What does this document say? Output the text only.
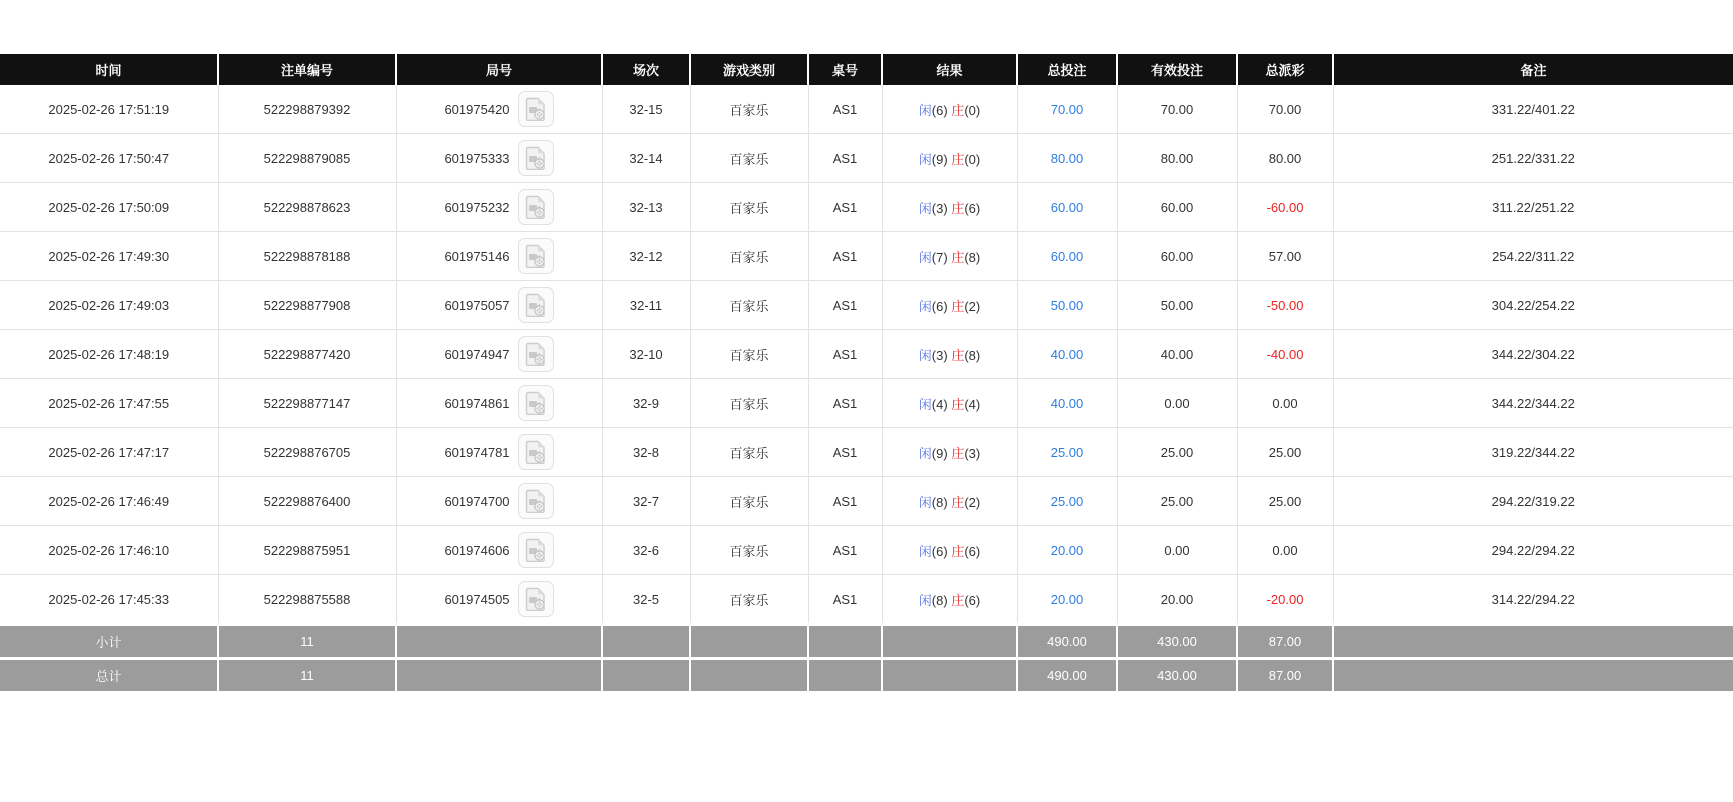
时间	注单编号	局号	场次	游戏类别	桌号	结果	总投注	有效投注	总派彩	备注
2025-02-26 17:51:19	522298879392	601975420	32-15	百家乐	AS1	闲(6) 庄(0)	70.00	70.00	70.00	331.22/401.22
2025-02-26 17:50:47	522298879085	601975333	32-14	百家乐	AS1	闲(9) 庄(0)	80.00	80.00	80.00	251.22/331.22
2025-02-26 17:50:09	522298878623	601975232	32-13	百家乐	AS1	闲(3) 庄(6)	60.00	60.00	-60.00	311.22/251.22
2025-02-26 17:49:30	522298878188	601975146	32-12	百家乐	AS1	闲(7) 庄(8)	60.00	60.00	57.00	254.22/311.22
2025-02-26 17:49:03	522298877908	601975057	32-11	百家乐	AS1	闲(6) 庄(2)	50.00	50.00	-50.00	304.22/254.22
2025-02-26 17:48:19	522298877420	601974947	32-10	百家乐	AS1	闲(3) 庄(8)	40.00	40.00	-40.00	344.22/304.22
2025-02-26 17:47:55	522298877147	601974861	32-9	百家乐	AS1	闲(4) 庄(4)	40.00	0.00	0.00	344.22/344.22
2025-02-26 17:47:17	522298876705	601974781	32-8	百家乐	AS1	闲(9) 庄(3)	25.00	25.00	25.00	319.22/344.22
2025-02-26 17:46:49	522298876400	601974700	32-7	百家乐	AS1	闲(8) 庄(2)	25.00	25.00	25.00	294.22/319.22
2025-02-26 17:46:10	522298875951	601974606	32-6	百家乐	AS1	闲(6) 庄(6)	20.00	0.00	0.00	294.22/294.22
2025-02-26 17:45:33	522298875588	601974505	32-5	百家乐	AS1	闲(8) 庄(6)	20.00	20.00	-20.00	314.22/294.22
小计	11						490.00	430.00	87.00	
总计	11						490.00	430.00	87.00	
